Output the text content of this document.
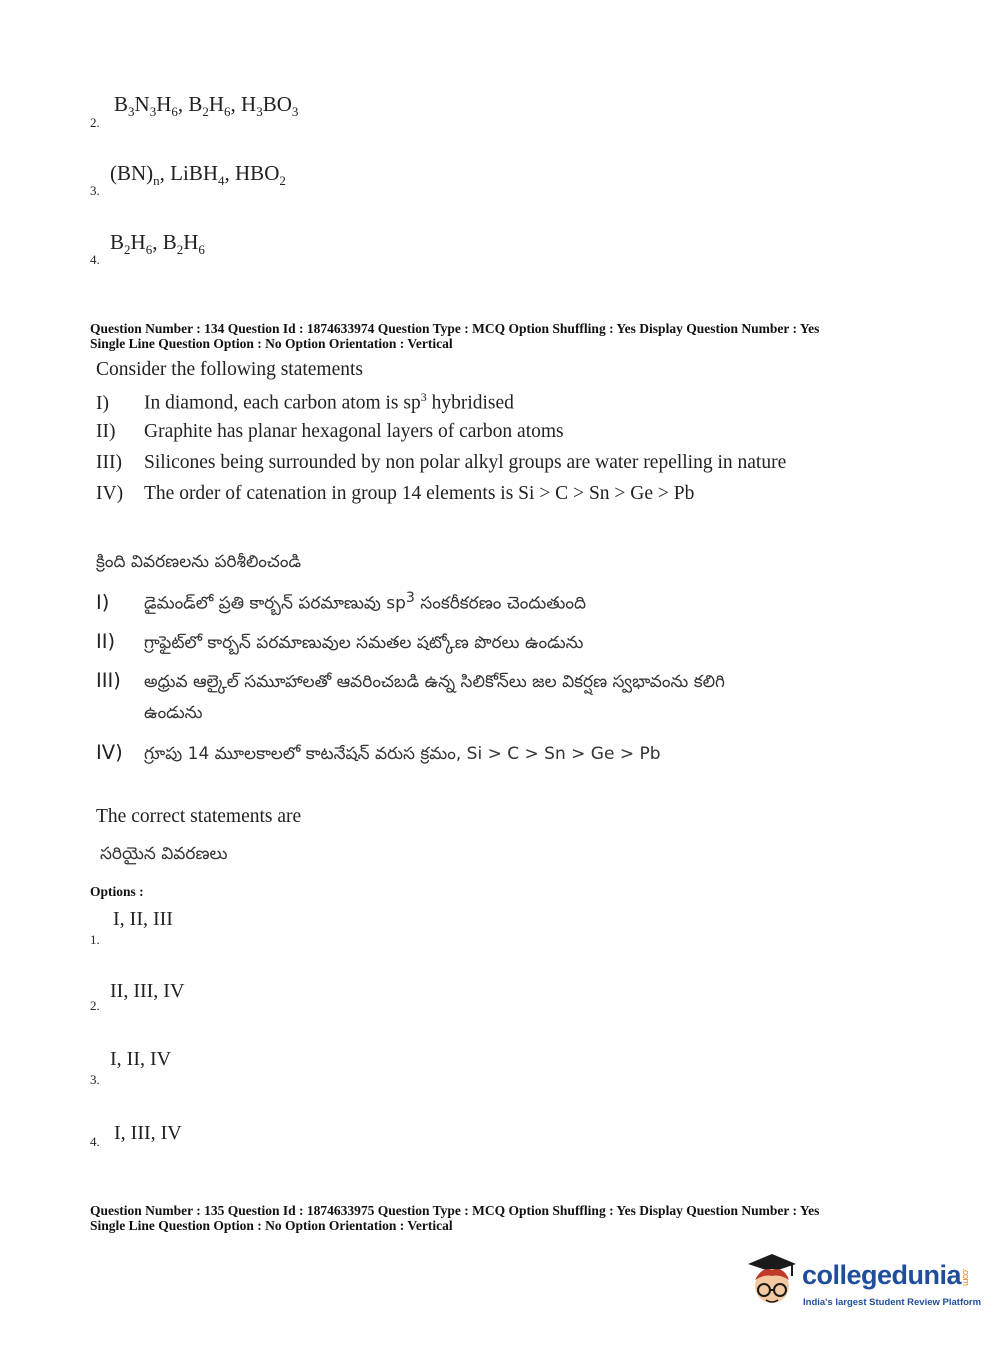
2.
$B_3N_3H_6$, $B_2H_6$, $H_3BO_3$
3.
$(BN)_n$, LiBH$_4$, $HBO_2$
4.
$B_2H_6$, $B_2H_6$
Question Number : 134 Question Id : 1874633974 Question Type : MCQ Option Shuffling : Yes Display Question Number : Yes
Single Line Question Option : No Option Orientation : Vertical
Consider the following statements
I) In diamond, each carbon atom is $sp^3$ hybridised
II) Graphite has planar hexagonal layers of carbon atoms
III) Silicones being surrounded by non polar alkyl groups are water repelling in nature
IV) The order of catenation in group 14 elements is Si > C > Sn > Ge > Pb
క్రింది వివరణలను పరిశీలించండి
I) డైమండ్‌లో ప్రతి కార్బన్ పరమాణువు $sp^3$ సంకరీకరణం చెందుతుంది
II) గ్రాఫైట్‌లో కార్బన్ పరమాణువుల సమతల షట్కోణ పొరలు ఉండును
III) అధ్రువ ఆల్కైల్ సమూహాలతో ఆవరించబడి ఉన్న సిలికోన్‌లు జల వికర్షణ స్వభావంను కలిగి
ఉండును
IV) గ్రూపు 14 మూలకాలలో కాటనేషన్ వరుస క్రమం, Si > C > Sn > Ge > Pb
The correct statements are
సరియైన వివరణలు
Options :
1.
I, II, III
2.
II, III, IV
3.
I, II, IV
4. I, III, IV
Question Number : 135 Question Id : 1874633975 Question Type : MCQ Option Shuffling : Yes Display Question Number : Yes
Single Line Question Option : No Option Orientation : Vertical
collegedunia.com
India's largest Student Review Platform
